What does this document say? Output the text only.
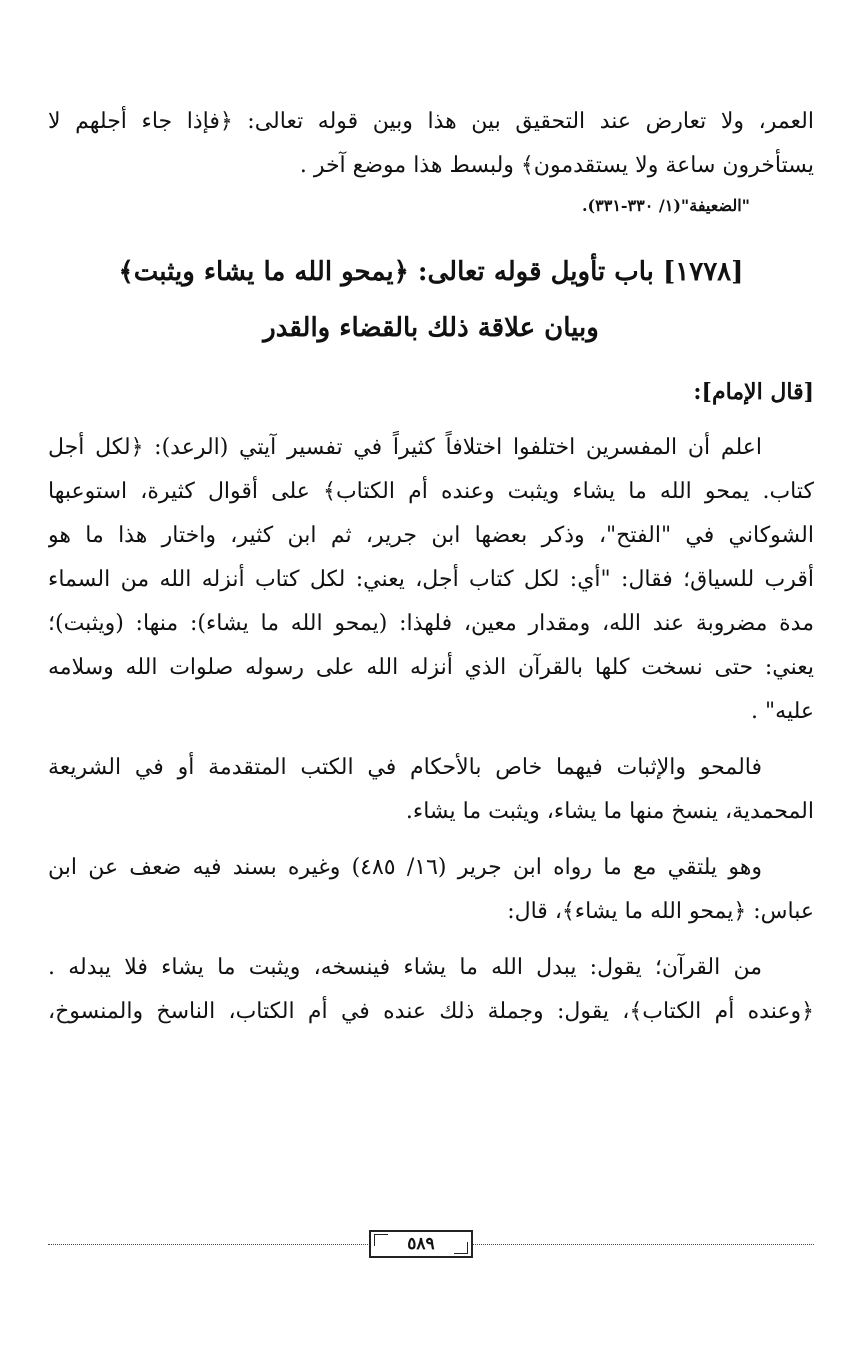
العمر، ولا تعارض عند التحقيق بين هذا وبين قوله تعالى: ﴿فإذا جاء أجلهم لا
يستأخرون ساعة ولا يستقدمون﴾ ولبسط هذا موضع آخر .
"الضعيفة"(١/ ٣٣٠-٣٣١).
[١٧٧٨] باب تأويل قوله تعالى: ﴿يمحو الله ما يشاء ويثبت﴾
وبيان علاقة ذلك بالقضاء والقدر
[قال الإمام]:
اعلم أن المفسرين اختلفوا اختلافاً كثيراً في تفسير آيتي (الرعد): ﴿لكل أجل
كتاب. يمحو الله ما يشاء ويثبت وعنده أم الكتاب﴾ على أقوال كثيرة، استوعبها
الشوكاني في "الفتح"، وذكر بعضها ابن جرير، ثم ابن كثير، واختار هذا ما هو
أقرب للسياق؛ فقال: "أي: لكل كتاب أجل، يعني: لكل كتاب أنزله الله من السماء
مدة مضروبة عند الله، ومقدار معين، فلهذا: (يمحو الله ما يشاء): منها: (ويثبت)؛
يعني: حتى نسخت كلها بالقرآن الذي أنزله الله على رسوله صلوات الله وسلامه
عليه" .
فالمحو والإثبات فيهما خاص بالأحكام في الكتب المتقدمة أو في الشريعة
المحمدية، ينسخ منها ما يشاء، ويثبت ما يشاء.
وهو يلتقي مع ما رواه ابن جرير (١٦/ ٤٨٥) وغيره بسند فيه ضعف عن ابن
عباس: ﴿يمحو الله ما يشاء﴾، قال:
من القرآن؛ يقول: يبدل الله ما يشاء فينسخه، ويثبت ما يشاء فلا يبدله .
﴿وعنده أم الكتاب﴾، يقول: وجملة ذلك عنده في أم الكتاب، الناسخ والمنسوخ،
٥٨٩
